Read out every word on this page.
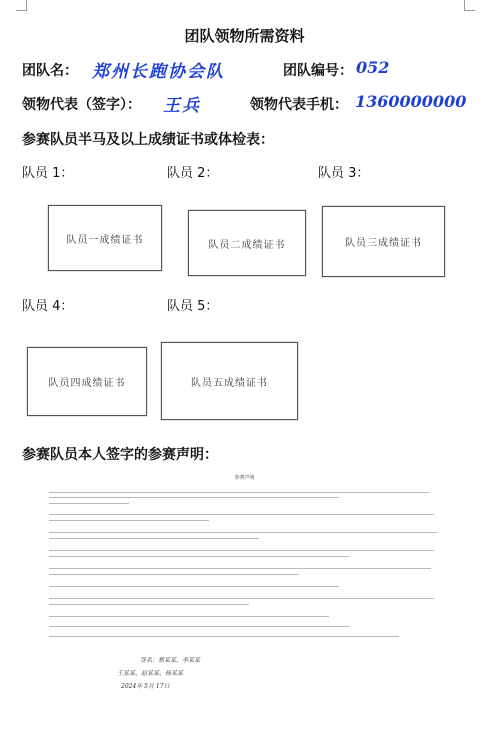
团队领物所需资料
团队名： 郑州长跑协会队	团队编号： 052
领物代表（签字）： 王兵	领物代表手机： 1360000000
参赛队员半马及以上成绩证书或体检表：
队员 1：	队员 2：	队员 3：
队员一成绩证书	队员二成绩证书	队员三成绩证书
队员 4：	队员 5：
队员四成绩证书	队员五成绩证书
参赛队员本人签字的参赛声明：
参赛声明
签名：郑某某、李某某
王某某、赵某某、杨某某
2024年 5月 17日
